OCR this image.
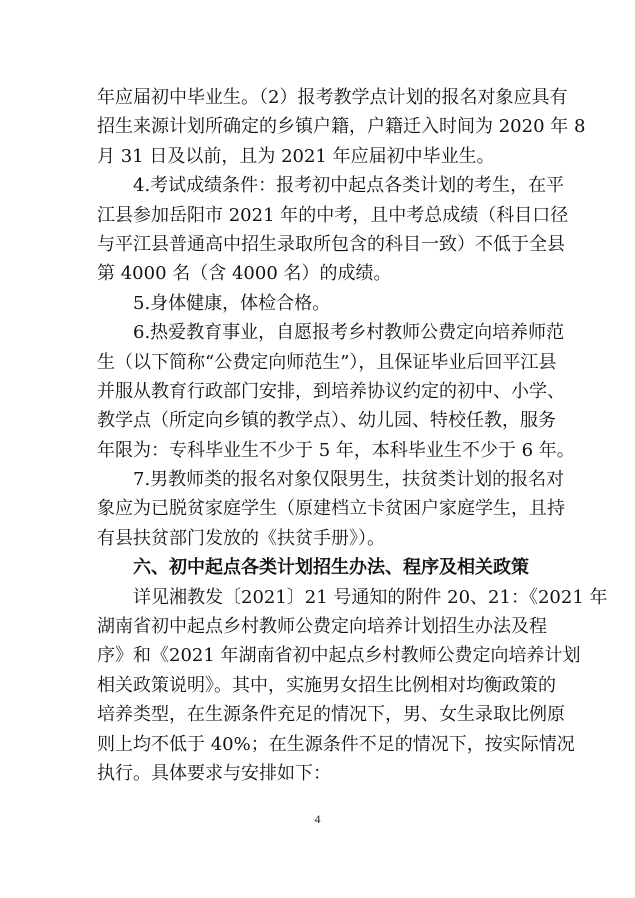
年应届初中毕业生。（2）报考教学点计划的报名对象应具有
招生来源计划所确定的乡镇户籍，户籍迁入时间为 2020 年 8
月 31 日及以前，且为 2021 年应届初中毕业生。
4.考试成绩条件：报考初中起点各类计划的考生，在平
江县参加岳阳市 2021 年的中考，且中考总成绩（科目口径
与平江县普通高中招生录取所包含的科目一致）不低于全县
第 4000 名（含 4000 名）的成绩。
5.身体健康，体检合格。
6.热爱教育事业，自愿报考乡村教师公费定向培养师范
生（以下简称“公费定向师范生”），且保证毕业后回平江县
并服从教育行政部门安排，到培养协议约定的初中、小学、
教学点（所定向乡镇的教学点）、幼儿园、特校任教，服务
年限为：专科毕业生不少于 5 年，本科毕业生不少于 6 年。
7.男教师类的报名对象仅限男生，扶贫类计划的报名对
象应为已脱贫家庭学生（原建档立卡贫困户家庭学生，且持
有县扶贫部门发放的《扶贫手册》）。
六、初中起点各类计划招生办法、程序及相关政策
详见湘教发〔2021〕21 号通知的附件 20、21：《2021 年
湖南省初中起点乡村教师公费定向培养计划招生办法及程
序》和《2021 年湖南省初中起点乡村教师公费定向培养计划
相关政策说明》。其中，实施男女招生比例相对均衡政策的
培养类型，在生源条件充足的情况下，男、女生录取比例原
则上均不低于 40%；在生源条件不足的情况下，按实际情况
执行。具体要求与安排如下：
4
